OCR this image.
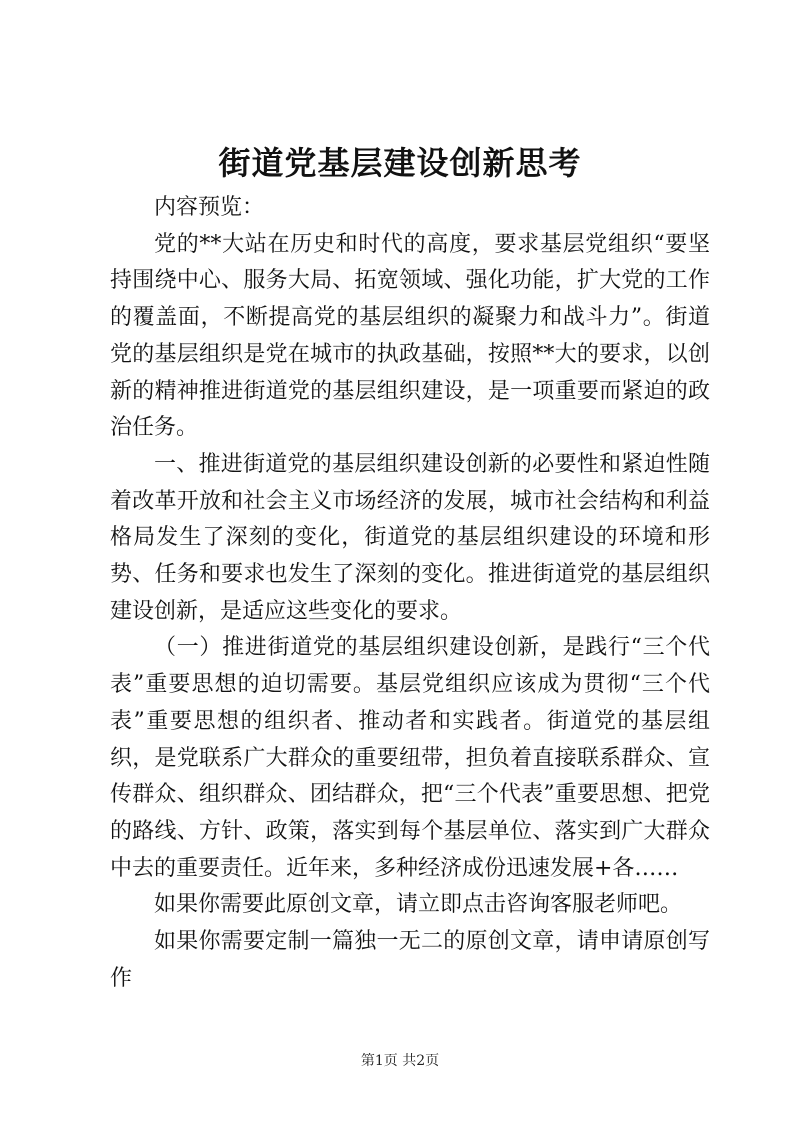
街道党基层建设创新思考

内容预览：

党的**大站在历史和时代的高度，要求基层党组织“要坚持围绕中心、服务大局、拓宽领域、强化功能，扩大党的工作的覆盖面，不断提高党的基层组织的凝聚力和战斗力”。街道党的基层组织是党在城市的执政基础，按照**大的要求，以创新的精神推进街道党的基层组织建设，是一项重要而紧迫的政治任务。

一、推进街道党的基层组织建设创新的必要性和紧迫性随着改革开放和社会主义市场经济的发展，城市社会结构和利益格局发生了深刻的变化，街道党的基层组织建设的环境和形势、任务和要求也发生了深刻的变化。推进街道党的基层组织建设创新，是适应这些变化的要求。

（一）推进街道党的基层组织建设创新，是践行“三个代表”重要思想的迫切需要。基层党组织应该成为贯彻“三个代表”重要思想的组织者、推动者和实践者。街道党的基层组织，是党联系广大群众的重要纽带，担负着直接联系群众、宣传群众、组织群众、团结群众，把“三个代表”重要思想、把党的路线、方针、政策，落实到每个基层单位、落实到广大群众中去的重要责任。近年来，多种经济成份迅速发展+各……

如果你需要此原创文章，请立即点击咨询客服老师吧。

如果你需要定制一篇独一无二的原创文章，请申请原创写作

第1页 共2页
